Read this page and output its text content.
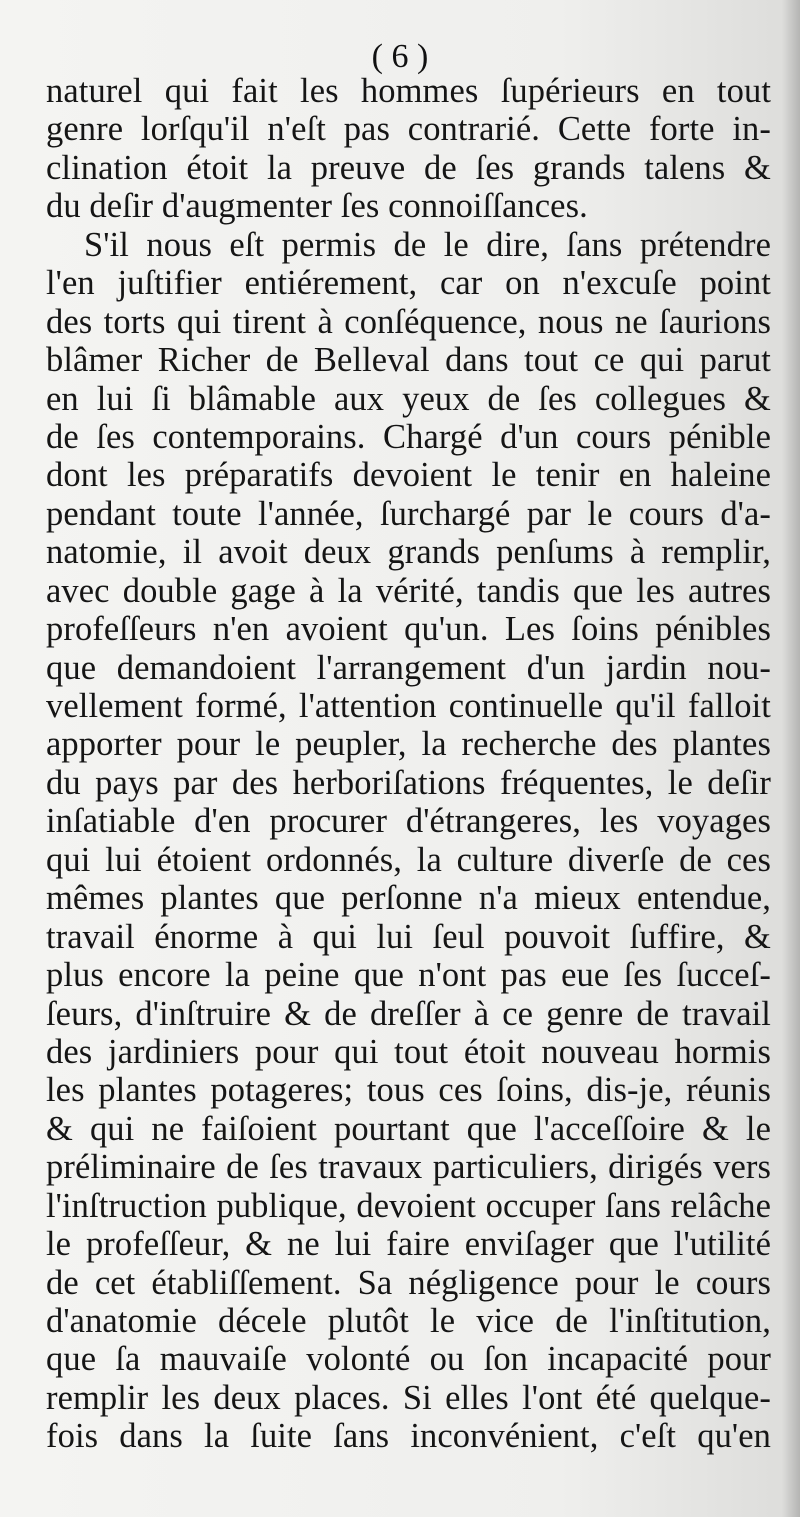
( 6 )
naturel qui fait les hommes ſupérieurs en tout
genre lorſqu'il n'eſt pas contrarié. Cette forte in-
clination étoit la preuve de ſes grands talens &
du deſir d'augmenter ſes connoiſſances.
S'il nous eſt permis de le dire, ſans prétendre
l'en juſtifier entiérement, car on n'excuſe point
des torts qui tirent à conſéquence, nous ne ſaurions
blâmer Richer de Belleval dans tout ce qui parut
en lui ſi blâmable aux yeux de ſes collegues &
de ſes contemporains. Chargé d'un cours pénible
dont les préparatifs devoient le tenir en haleine
pendant toute l'année, ſurchargé par le cours d'a-
natomie, il avoit deux grands penſums à remplir,
avec double gage à la vérité, tandis que les autres
profeſſeurs n'en avoient qu'un. Les ſoins pénibles
que demandoient l'arrangement d'un jardin nou-
vellement formé, l'attention continuelle qu'il falloit
apporter pour le peupler, la recherche des plantes
du pays par des herboriſations fréquentes, le deſir
inſatiable d'en procurer d'étrangeres, les voyages
qui lui étoient ordonnés, la culture diverſe de ces
mêmes plantes que perſonne n'a mieux entendue,
travail énorme à qui lui ſeul pouvoit ſuffire, &
plus encore la peine que n'ont pas eue ſes ſucceſ-
ſeurs, d'inſtruire & de dreſſer à ce genre de travail
des jardiniers pour qui tout étoit nouveau hormis
les plantes potageres; tous ces ſoins, dis-je, réunis
& qui ne faiſoient pourtant que l'acceſſoire & le
préliminaire de ſes travaux particuliers, dirigés vers
l'inſtruction publique, devoient occuper ſans relâche
le profeſſeur, & ne lui faire enviſager que l'utilité
de cet établiſſement. Sa négligence pour le cours
d'anatomie décele plutôt le vice de l'inſtitution,
que ſa mauvaiſe volonté ou ſon incapacité pour
remplir les deux places. Si elles l'ont été quelque-
fois dans la ſuite ſans inconvénient, c'eſt qu'en
